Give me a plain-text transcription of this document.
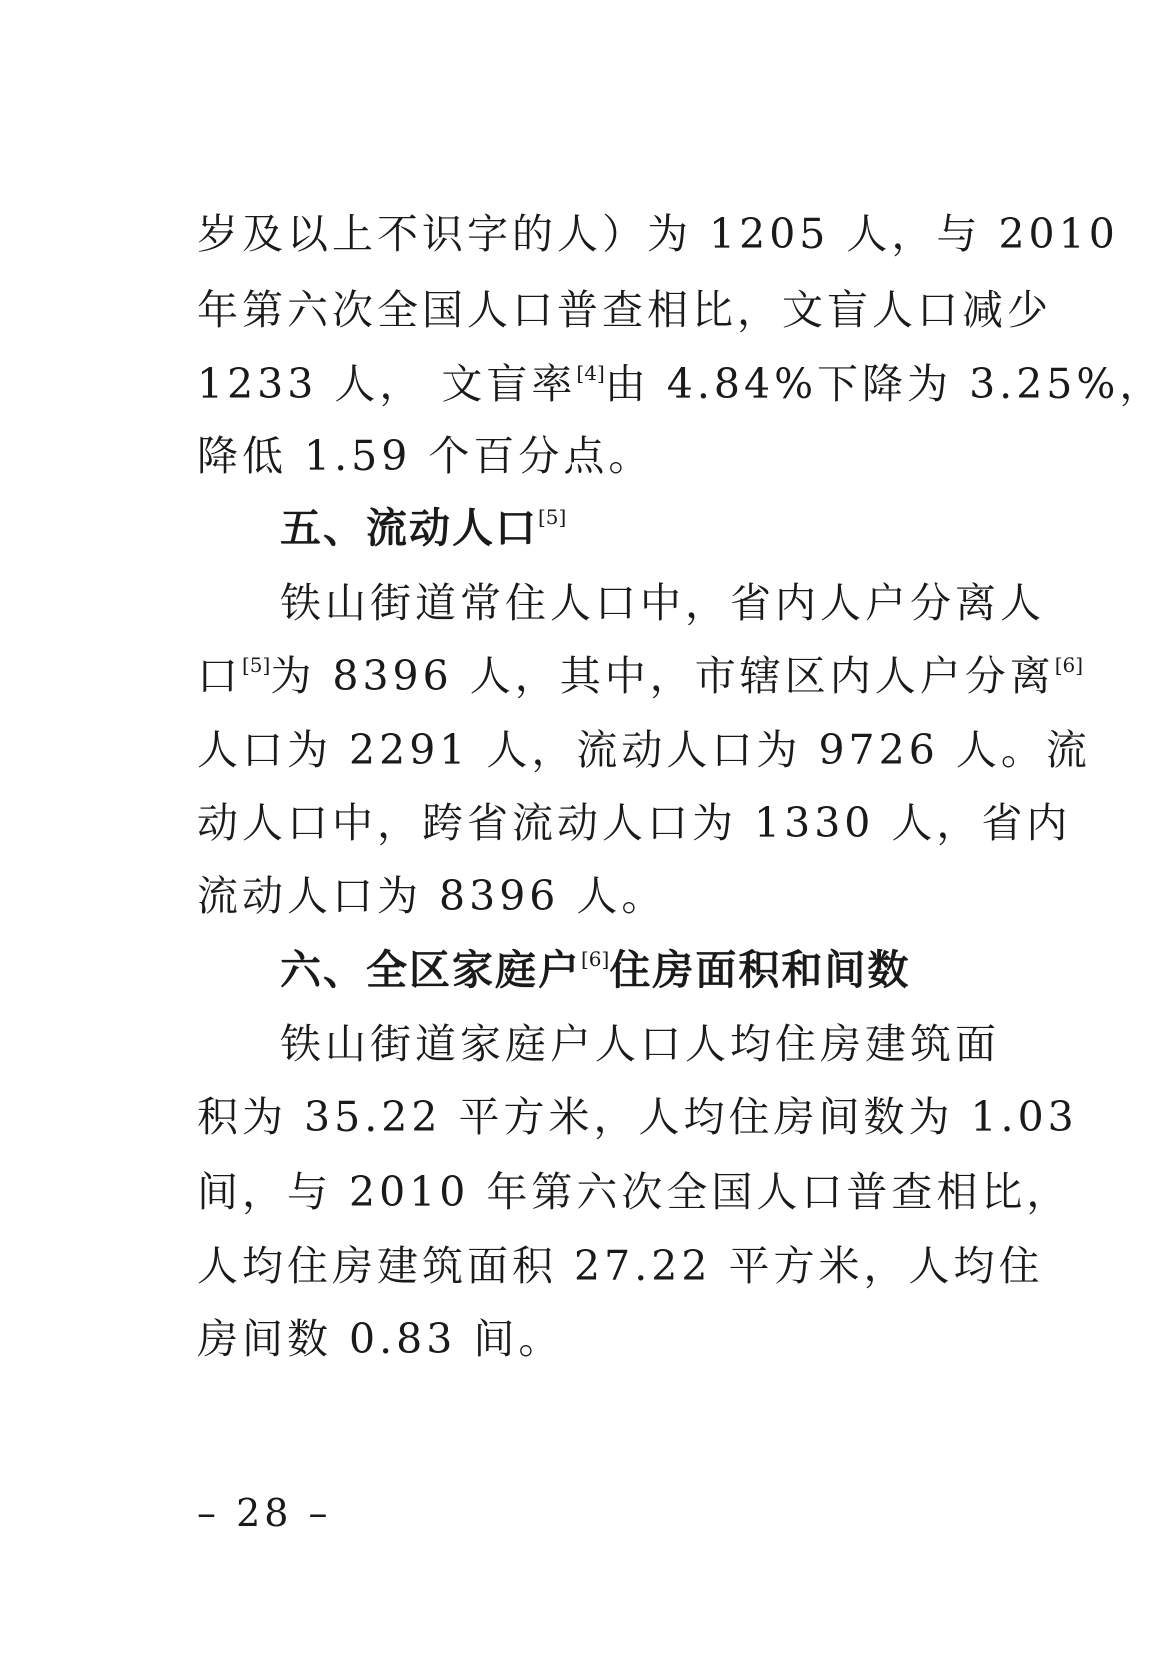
岁及以上不识字的人）为 1205 人，与 2010
年第六次全国人口普查相比，文盲人口减少
1233 人， 文盲率[4]由 4.84%下降为 3.25%，
降低 1.59 个百分点。
五、流动人口[5]
铁山街道常住人口中，省内人户分离人
口[5]为 8396 人，其中，市辖区内人户分离[6]
人口为 2291 人，流动人口为 9726 人。流
动人口中，跨省流动人口为 1330 人，省内
流动人口为 8396 人。
六、全区家庭户[6]住房面积和间数
铁山街道家庭户人口人均住房建筑面
积为 35.22 平方米，人均住房间数为 1.03
间，与 2010 年第六次全国人口普查相比，
人均住房建筑面积 27.22 平方米，人均住
房间数 0.83 间。
– 28 –
